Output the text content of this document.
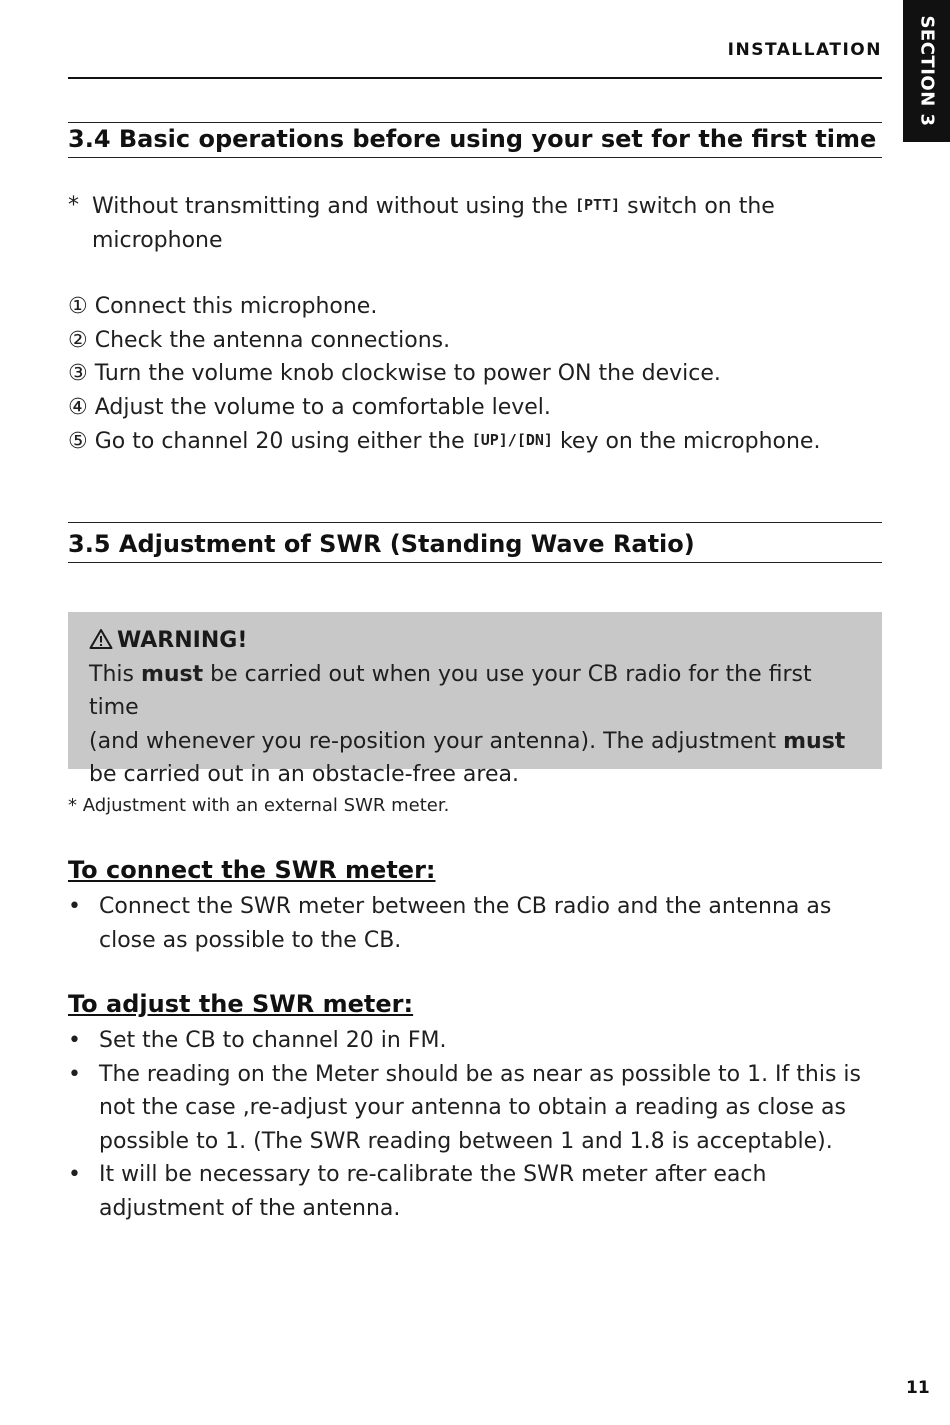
INSTALLATION SECTION 3
3.4 Basic operations before using your set for the first time
* Without transmitting and without using the [PTT] switch on the
microphone
① Connect this microphone.
② Check the antenna connections.
③ Turn the volume knob clockwise to power ON the device.
④ Adjust the volume to a comfortable level.
⑤ Go to channel 20 using either the [UP]/[DN] key on the microphone.
3.5 Adjustment of SWR (Standing Wave Ratio)
WARNING!
This must be carried out when you use your CB radio for the first time
(and whenever you re-position your antenna). The adjustment must
be carried out in an obstacle-free area.
* Adjustment with an external SWR meter.
To connect the SWR meter:
• Connect the SWR meter between the CB radio and the antenna as close as possible to the CB.
To adjust the SWR meter:
• Set the CB to channel 20 in FM.
• The reading on the Meter should be as near as possible to 1. If this is not the case ,re-adjust your antenna to obtain a reading as close as possible to 1. (The SWR reading between 1 and 1.8 is acceptable).
• It will be necessary to re-calibrate the SWR meter after each adjustment of the antenna.
11
